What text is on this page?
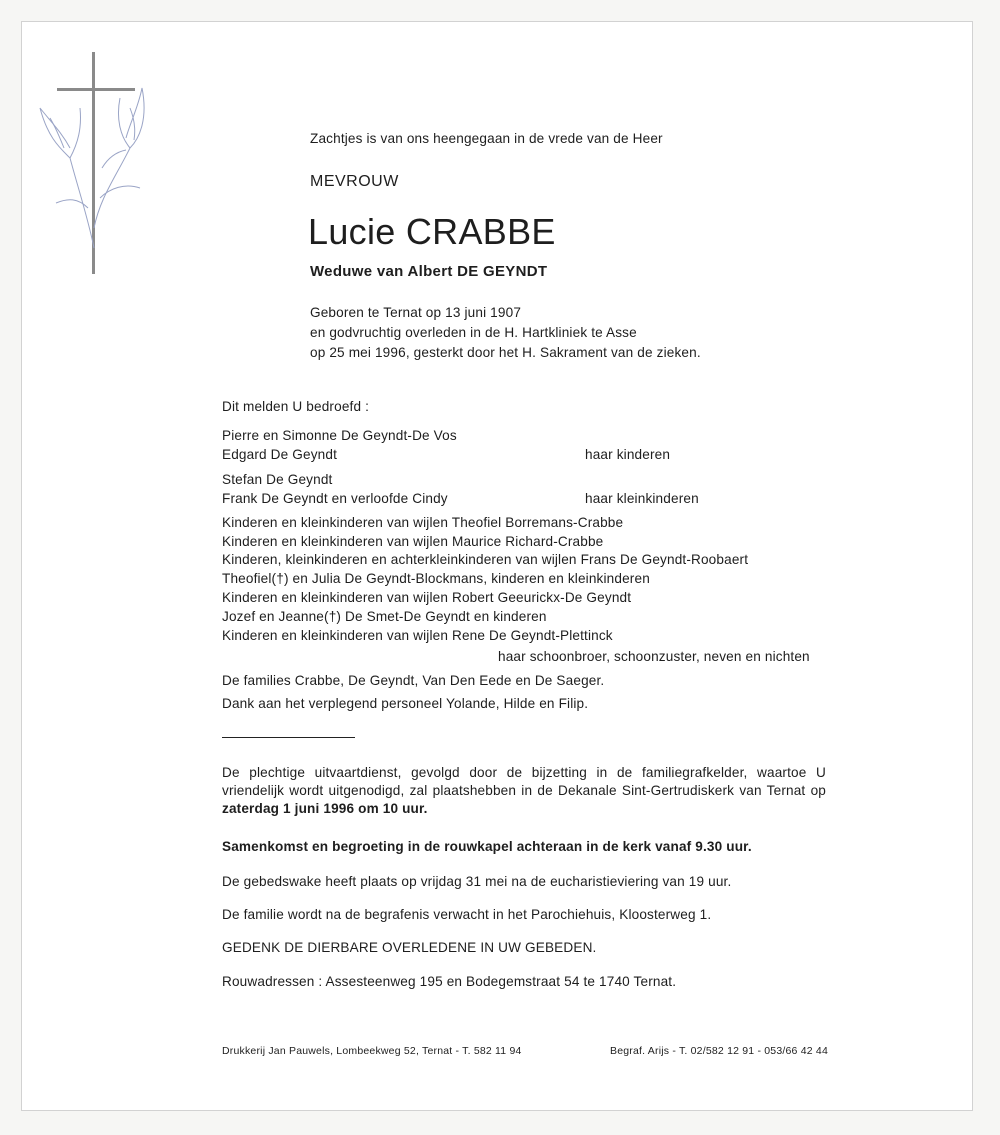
Zachtjes is van ons heengegaan in de vrede van de Heer
MEVROUW
Lucie CRABBE
Weduwe van Albert DE GEYNDT
Geboren te Ternat op 13 juni 1907
en godvruchtig overleden in de H. Hartkliniek te Asse
op 25 mei 1996, gesterkt door het H. Sakrament van de zieken.
Dit melden U bedroefd :
Pierre en Simonne De Geyndt-De Vos
Edgard De Geyndt	haar kinderen
Stefan De Geyndt
Frank De Geyndt en verloofde Cindy	haar kleinkinderen
Kinderen en kleinkinderen van wijlen Theofiel Borremans-Crabbe
Kinderen en kleinkinderen van wijlen Maurice Richard-Crabbe
Kinderen, kleinkinderen en achterkleinkinderen van wijlen Frans De Geyndt-Roobaert
Theofiel(†) en Julia De Geyndt-Blockmans, kinderen en kleinkinderen
Kinderen en kleinkinderen van wijlen Robert Geeurickx-De Geyndt
Jozef en Jeanne(†) De Smet-De Geyndt en kinderen
Kinderen en kleinkinderen van wijlen Rene De Geyndt-Plettinck
haar schoonbroer, schoonzuster, neven en nichten
De families Crabbe, De Geyndt, Van Den Eede en De Saeger.
Dank aan het verplegend personeel Yolande, Hilde en Filip.
De plechtige uitvaartdienst, gevolgd door de bijzetting in de familiegrafkelder, waartoe U vriendelijk wordt uitgenodigd, zal plaatshebben in de Dekanale Sint-Gertrudiskerk van Ternat op zaterdag 1 juni 1996 om 10 uur.
Samenkomst en begroeting in de rouwkapel achteraan in de kerk vanaf 9.30 uur.
De gebedswake heeft plaats op vrijdag 31 mei na de eucharistieviering van 19 uur.
De familie wordt na de begrafenis verwacht in het Parochiehuis, Kloosterweg 1.
GEDENK DE DIERBARE OVERLEDENE IN UW GEBEDEN.
Rouwadressen : Assesteenweg 195 en Bodegemstraat 54 te 1740 Ternat.
Drukkerij Jan Pauwels, Lombeekweg 52, Ternat - T. 582 11 94	Begraf. Arijs - T. 02/582 12 91 - 053/66 42 44
